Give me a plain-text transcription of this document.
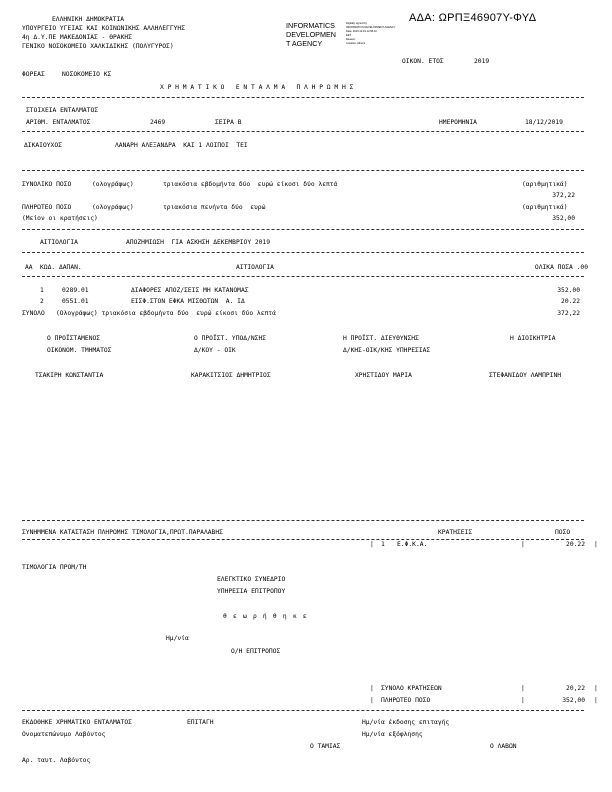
ΑΔΑ: ΩΡΠΞ46907Υ-ΦΥΔ
ΕΛΛΗΝΙΚΗ ΔΗΜΟΚΡΑΤΙΑ
ΥΠΟΥΡΓΕΙΟ ΥΓΕΙΑΣ ΚΑΙ ΚΟΙΝΩΝΙΚΗΣ ΑΛΛΗΛΕΓΓΥΗΣ
4η Δ.Υ.ΠΕ ΜΑΚΕΔΟΝΙΑΣ - ΘΡΑΚΗΣ
ΓΕΝΙΚΟ ΝΟΣΟΚΟΜΕΙΟ ΧΑΛΚΙΔΙΚΗΣ (ΠΟΛΥΓΥΡΟΣ)
INFORMATICS
DEVELOPMEN
T AGENCY
Digitally signed by
INFORMATICS DEVELOPMENT AGENCY
Date: 2019.12.19 12:58:10
EET
Reason:
Location: Athens
ΟΙΚΟΝ. ΕΤΟΣ	2019
ΦΟΡΕΑΣ	ΝΟΣΟΚΟΜΕΙΟ ΚΣ
Χ Ρ Η Μ Α Τ Ι Κ Ο   Ε Ν Τ Α Λ Μ Α   Π Λ Η Ρ Ω Μ Η Σ
ΣΤΟΙΧΕΙΑ ΕΝΤΑΛΜΑΤΟΣ
ΑΡΙΘΜ. ΕΝΤΑΛΜΑΤΟΣ	2469	ΣΕΙΡΑ Β	ΗΜΕΡΟΜΗΝΙΑ	18/12/2019
ΔΙΚΑΙΟΥΧΟΣ	ΛΑΝΑΡΗ ΑΛΕΞΑΝΔΡΑ  ΚΑΙ 1 ΛΟΙΠΟΙ  ΤΕΙ
ΣΥΝΟΛΙΚΟ ΠΟΣΟ	(ολογράφως)	τριακόσια εβδομήντα δύο  ευρώ είκοσι δύο λεπτά	(αριθμητικά)
372,22
ΠΛΗΡΩΤΕΟ ΠΟΣΟ	(ολογράφως)	τριακόσια πενήντα δύο  ευρώ	(αριθμητικά)
(Μείον οι κρατήσεις)	352,00
ΑΙΤΙΟΛΟΓΙΑ	ΑΠΟΖΗΜΙΩΣΗ  ΓΙΑ ΑΣΚΗΣΗ ΔΕΚΕΜΒΡΙΟΥ 2019
ΑΑ ΚΩΔ. ΔΑΠΑΝ.	ΑΙΤΙΟΛΟΓΙΑ	ΟΛΙΚΑ ΠΟΣΑ .00
1	0289.01	ΔΙΑΦΟΡΕΣ ΑΠΟΖ/ΣΕΙΣ ΜΗ ΚΑΤΑΝΟΜΑΣ	352.00
2	0551.01	ΕΙΣΦ.ΣΤΟΝ ΕΦΚΑ ΜΙΣΘΩΤΩΝ  Α. ΙΔ	20.22
ΣΥΝΟΛΟ (Ολογράφως) τριακόσια εβδομήντα δύο  ευρώ είκοσι δύο λεπτά	372,22
Ο ΠΡΟΪΣΤΑΜΕΝΟΣ
ΟΙΚΟΝΟΜ. ΤΜΗΜΑΤΟΣ
Ο ΠΡΟΪΣΤ. ΥΠΟΔ/ΝΣΗΣ
Δ/ΚΟΥ - ΟΙΚ
Η ΠΡΟΪΣΤ. ΔΙΕΥΘΥΝΣΗΣ
Δ/ΚΗΣ-ΟΙΚ/ΚΗΣ ΥΠΗΡΕΣΙΑΣ
Η ΔΙΟΙΚΗΤΡΙΑ
ΤΣΑΚΙΡΗ ΚΩΝΣΤΑΝΤΙΑ	ΚΑΡΑΚΙΤΣΙΟΣ ΔΗΜΗΤΡΙΟΣ	ΧΡΗΣΤΙΔΟΥ ΜΑΡΙΑ	ΣΤΕΦΑΝΙΔΟΥ ΛΑΜΠΡΙΝΗ
ΣΥΝΗΜΜΕΝΑ ΚΑΤΑΣΤΑΣΗ ΠΛΗΡΩΜΗΣ ΤΙΜΟΛΟΓΙΑ,ΠΡΩΤ.ΠΑΡΑΛΑΒΗΣ	ΚΡΑΤΗΣΕΙΣ	ΠΟΣΟ
| 1 Ε.Φ.Κ.Α.	|	20.22 |
ΤΙΜΟΛΟΓΙΑ ΠΡΟΜ/ΤΗ
ΕΛΕΓΚΤΙΚΟ ΣΥΝΕΔΡΙΟ
ΥΠΗΡΕΣΙΑ ΕΠΙΤΡΟΠΟΥ
θ ε ω ρ ή θ η κ ε
Ημ/νία
Ο/Η ΕΠΙΤΡΟΠΟΣ
| ΣΥΝΟΛΟ ΚΡΑΤΗΣΕΩΝ	|	20,22 |
| ΠΛΗΡΩΤΕΟ ΠΟΣΟ	|	352,00 |
ΕΚΔΟΘΗΚΕ ΧΡΗΜΑΤΙΚΟ ΕΝΤΑΛΜΑΤΟΣ	ΕΠΙΤΑΓΗ	Ημ/νία έκδοσης επιταγής
Ονοματεπώνυμο Λαβόντος	Ημ/νία εξόφλησης
Ο ΤΑΜΙΑΣ	Ο ΛΑΒΩΝ
Αρ. ταυτ. Λαβόντος
